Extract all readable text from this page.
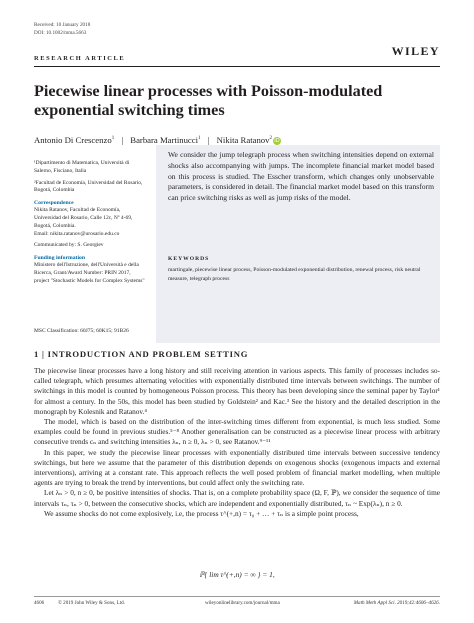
Received: 10 January 2018
DOI: 10.1002/mma.5663
WILEY
RESEARCH ARTICLE
Piecewise linear processes with Poisson-modulated exponential switching times
Antonio Di Crescenzo$^1$ | Barbara Martinucci$^1$ | Nikita Ratanov$^2$ iD

¹Dipartimento di Matematica, Università di Salerno, Fisciano, Italia

²Facultad de Economía, Universidad del Rosario, Bogotá, Colombia

Correspondence

Nikita Ratanov, Facultad de Economía, Universidad del Rosario, Calle 12c, Nº 4-69, Bogotá, Colombia.

Email: nikita.ratanov@urosario.edu.co

Communicated by: S. Georgiev

Funding information

Ministero dell'Istruzione, dell'Università e della Ricerca, Grant/Award Number: PRIN 2017, project "Stochastic Models for Complex Systems"

We consider the jump telegraph process when switching intensities depend on external shocks also accompanying with jumps. The incomplete financial market model based on this process is studied. The Esscher transform, which changes only unobservable parameters, is considered in detail. The financial market model based on this transform can price switching risks as well as jump risks of the model.
KEYWORDS
martingale, piecewise linear process, Poisson-modulated exponential distribution, renewal process, risk neutral measure, telegraph process
MSC Classification: 60J75; 60K15; 91B26
1 | INTRODUCTION AND PROBLEM SETTING

The piecewise linear processes have a long history and still receiving attention in various aspects. This family of processes includes so-called telegraph, which presumes alternating velocities with exponentially distributed time intervals between switchings. The number of switchings in this model is counted by homogeneous Poisson process. This theory has been developing since the seminal paper by Taylor¹ for almost a century. In the 50s, this model has been studied by Goldstein² and Kac.³ See the history and the detailed description in the monograph by Kolesnik and Ratanov.⁴

The model, which is based on the distribution of the inter-switching times different from exponential, is much less studied. Some examples could be found in previous studies.⁵⁻⁸ Another generalisation can be constructed as a piecewise linear process with arbitrary consecutive trends cₙ and switching intensities λₙ, n ≥ 0, λₙ > 0, see Ratanov.⁹⁻¹¹

In this paper, we study the piecewise linear processes with exponentially distributed time intervals between successive tendency switchings, but here we assume that the parameter of this distribution depends on exogenous shocks (exogenous impacts and external interventions), arriving at a constant rate. This approach reflects the well posed problem of financial market modelling, when multiple agents are trying to break the trend by interventions, but could affect only the switching rate.

Let λₙ > 0, n ≥ 0, be positive intensities of shocks. That is, on a complete probability space (Ω, F, ℙ), we consider the sequence of time intervals τₙ, τₙ > 0, between the consecutive shocks, which are independent and exponentially distributed, τₙ ~ Exp(λₙ), n ≥ 0.

We assume shocks do not come explosively, i.e, the process τ^(+,n) = τ₀ + … + τₙ is a simple point process,

ℙ{ lim τ^(+,n) = ∞ } = 1,
4606	© 2019 John Wiley & Sons, Ltd.	wileyonlinelibrary.com/journal/mma	Math Meth Appl Sci. 2019;42:4606–4626.
